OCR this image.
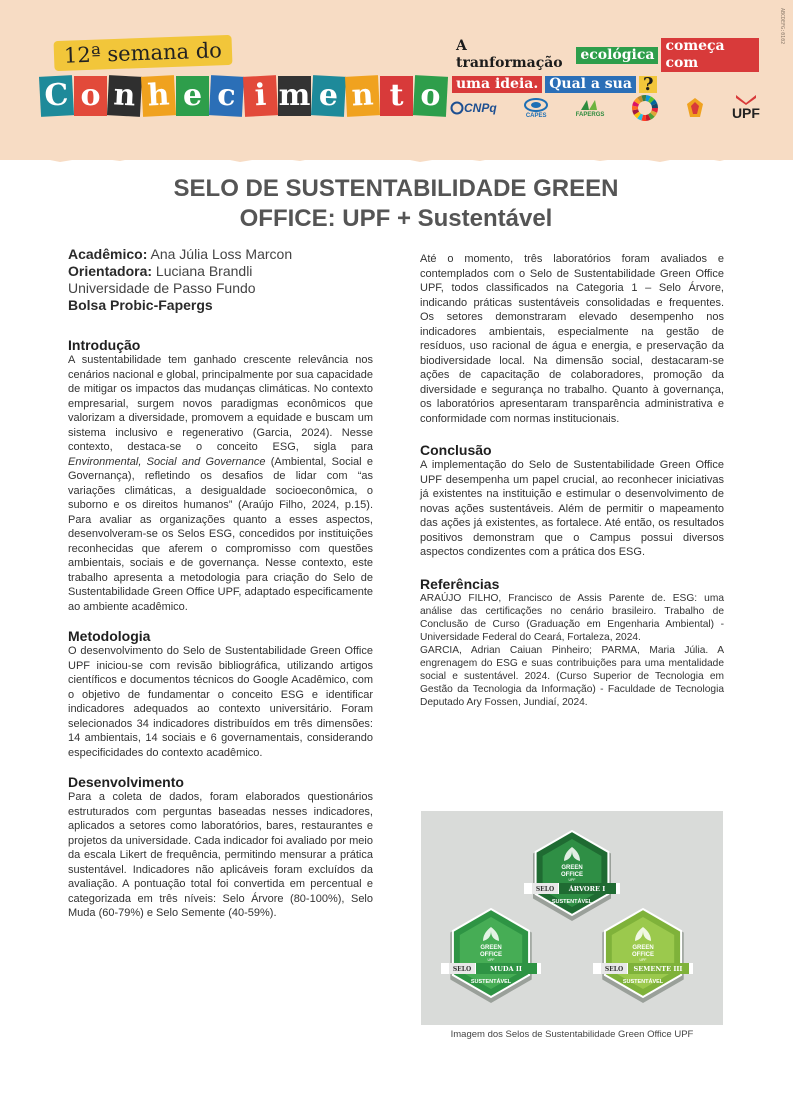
ABCDEFG:0102
12ª semana do
C o n h e c i m e n t o
A tranformação
ecológica
começa com
uma ideia. Qual a sua ?
CNPq
CAPES	FAPERGS	UPF
SELO DE SUSTENTABILIDADE GREEN
OFFICE: UPF + Sustentável
Acadêmico: Ana Júlia Loss Marcon
Orientadora: Luciana Brandli
Universidade de Passo Fundo
Bolsa Probic-Fapergs
Introdução

A sustentabilidade tem ganhado crescente relevância nos cenários nacional e global, principalmente por sua capacidade de mitigar os impactos das mudanças climáticas. No contexto empresarial, surgem novos paradigmas econômicos que valorizam a diversidade, promovem a equidade e buscam um sistema inclusivo e regenerativo (Garcia, 2024). Nesse contexto, destaca-se o conceito ESG, sigla para Environmental, Social and Governance (Ambiental, Social e Governança), refletindo os desafios de lidar com “as variações climáticas, a desigualdade socioeconômica, o suborno e os direitos humanos” (Araújo Filho, 2024, p.15). Para avaliar as organizações quanto a esses aspectos, desenvolveram-se os Selos ESG, concedidos por instituições reconhecidas que aferem o compromisso com questões ambientais, sociais e de governança. Nesse contexto, este trabalho apresenta a metodologia para criação do Selo de Sustentabilidade Green Office UPF, adaptado especificamente ao ambiente acadêmico.

Metodologia

O desenvolvimento do Selo de Sustentabilidade Green Office UPF iniciou-se com revisão bibliográfica, utilizando artigos científicos e documentos técnicos do Google Acadêmico, com o objetivo de fundamentar o conceito ESG e identificar indicadores adequados ao contexto universitário. Foram selecionados 34 indicadores distribuídos em três dimensões: 14 ambientais, 14 sociais e 6 governamentais, considerando especificidades do contexto acadêmico.

Desenvolvimento

Para a coleta de dados, foram elaborados questionários estruturados com perguntas baseadas nesses indicadores, aplicados a setores como laboratórios, bares, restaurantes e projetos da universidade. Cada indicador foi avaliado por meio da escala Likert de frequência, permitindo mensurar a prática sustentável. Indicadores não aplicáveis foram excluídos da avaliação. A pontuação total foi convertida em percentual e categorizada em três níveis: Selo Árvore (80-100%), Selo Muda (60-79%) e Selo Semente (40-59%).

Até o momento, três laboratórios foram avaliados e contemplados com o Selo de Sustentabilidade Green Office UPF, todos classificados na Categoria 1 – Selo Árvore, indicando práticas sustentáveis consolidadas e frequentes. Os setores demonstraram elevado desempenho nos indicadores ambientais, especialmente na gestão de resíduos, uso racional de água e energia, e preservação da biodiversidade local. Na dimensão social, destacaram-se ações de capacitação de colaboradores, promoção da diversidade e segurança no trabalho. Quanto à governança, os laboratórios apresentaram transparência administrativa e conformidade com normas institucionais.

Conclusão

A implementação do Selo de Sustentabilidade Green Office UPF desempenha um papel crucial, ao reconhecer iniciativas já existentes na instituição e estimular o desenvolvimento de novas ações sustentáveis. Além de permitir o mapeamento das ações já existentes, as fortalece. Até então, os resultados positivos demonstram que o Campus possui diversos aspectos condizentes com a prática dos ESG.

Referências

ARAÚJO FILHO, Francisco de Assis Parente de. ESG: uma análise das certificações no cenário brasileiro. Trabalho de Conclusão de Curso (Graduação em Engenharia Ambiental) - Universidade Federal do Ceará, Fortaleza, 2024.

GARCIA, Adrian Caiuan Pinheiro; PARMA, Maria Júlia. A engrenagem do ESG e suas contribuições para uma mentalidade social e sustentável. 2024. (Curso Superior de Tecnologia em Gestão da Tecnologia da Informação) - Faculdade de Tecnologia Deputado Ary Fossen, Jundiaí, 2024.

GREEN
OFFICE
UPF
SELO ÁRVORE I
SUSTENTÁVEL
GREEN
OFFICE
UPF
SELO	MUDA II
SUSTENTÁVEL
GREEN
OFFICE
UPF
SELO SEMENTE III
SUSTENTÁVEL
Imagem dos Selos de Sustentabilidade Green Office UPF
